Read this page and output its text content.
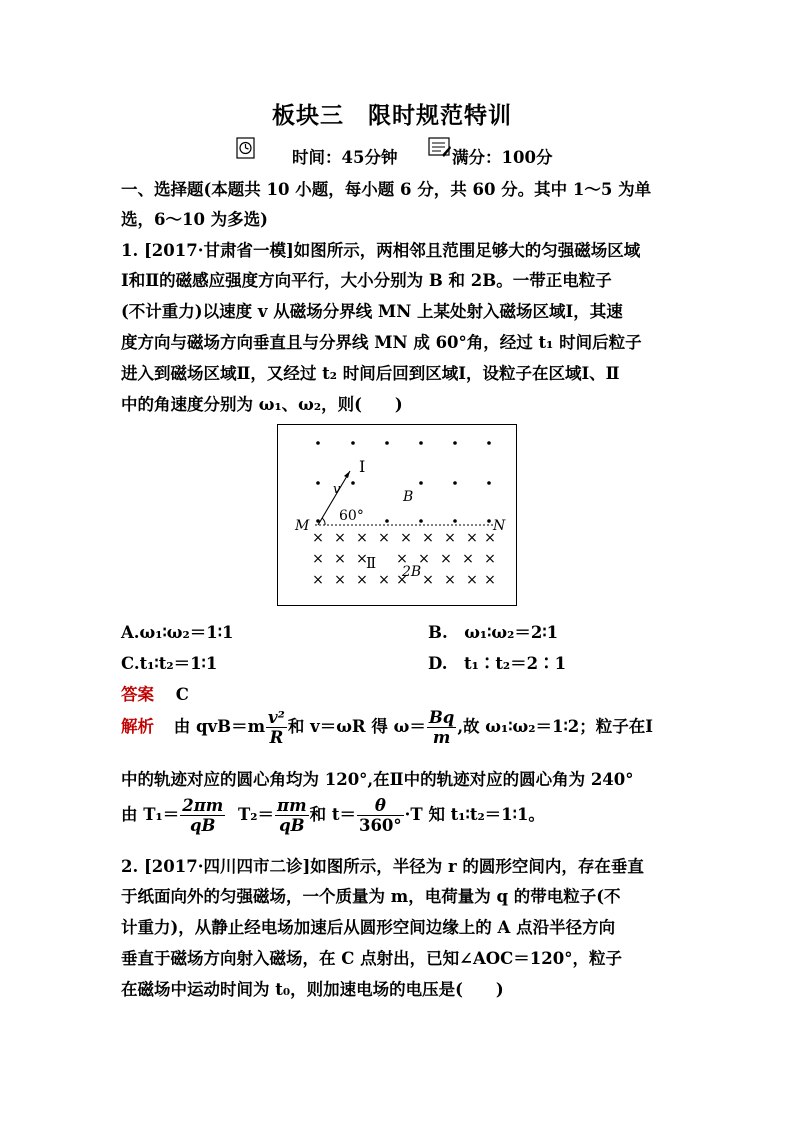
板块三　限时规范特训
时间：45分钟	满分：100分
一、选择题(本题共 10 小题，每小题 6 分，共 60 分。其中 1～5 为单
选，6～10 为多选)
1. [2017·甘肃省一模]如图所示，两相邻且范围足够大的匀强磁场区域
Ⅰ和Ⅱ的磁感应强度方向平行，大小分别为 B 和 2B。一带正电粒子
(不计重力)以速度 v 从磁场分界线 MN 上某处射入磁场区域Ⅰ，其速
度方向与磁场方向垂直且与分界线 MN 成 60°角，经过 t₁ 时间后粒子
进入到磁场区域Ⅱ，又经过 t₂ 时间后回到区域Ⅰ，设粒子在区域Ⅰ、Ⅱ
中的角速度分别为 ω₁、ω₂，则(　　)
× × × × × × × × ×
× × × × × × × ×
× × × × × × × × ×
Ⅰ
Ⅱ
B
2B
v
60°
M	N
A.ω₁∶ω₂＝1∶1	B.　ω₁∶ω₂＝2∶1
C.t₁∶t₂＝1∶1	D.　t₁∶t₂＝2∶1
答案 C
解析 由 $qvB=m \frac{\text{v²}}{R}$ 和 v＝ωR 得 $\omega= \frac{Bq}{m}$ ,故 ω₁∶ω₂＝1∶2；粒子在Ⅰ
中的轨迹对应的圆心角均为 120°,在Ⅱ中的轨迹对应的圆心角为 240°
由 $T_1= \frac{2\pi m}{qB} T_2= \frac{\pi m}{qB}$ 和 $t= \frac{\theta}{360^\circ} \cdot T$ 知 t₁∶t₂＝1∶1。
2. [2017·四川四市二诊]如图所示，半径为 r 的圆形空间内，存在垂直
于纸面向外的匀强磁场，一个质量为 m，电荷量为 q 的带电粒子(不
计重力)，从静止经电场加速后从圆形空间边缘上的 A 点沿半径方向
垂直于磁场方向射入磁场，在 C 点射出，已知∠AOC＝120°，粒子
在磁场中运动时间为 t₀，则加速电场的电压是(　　)
